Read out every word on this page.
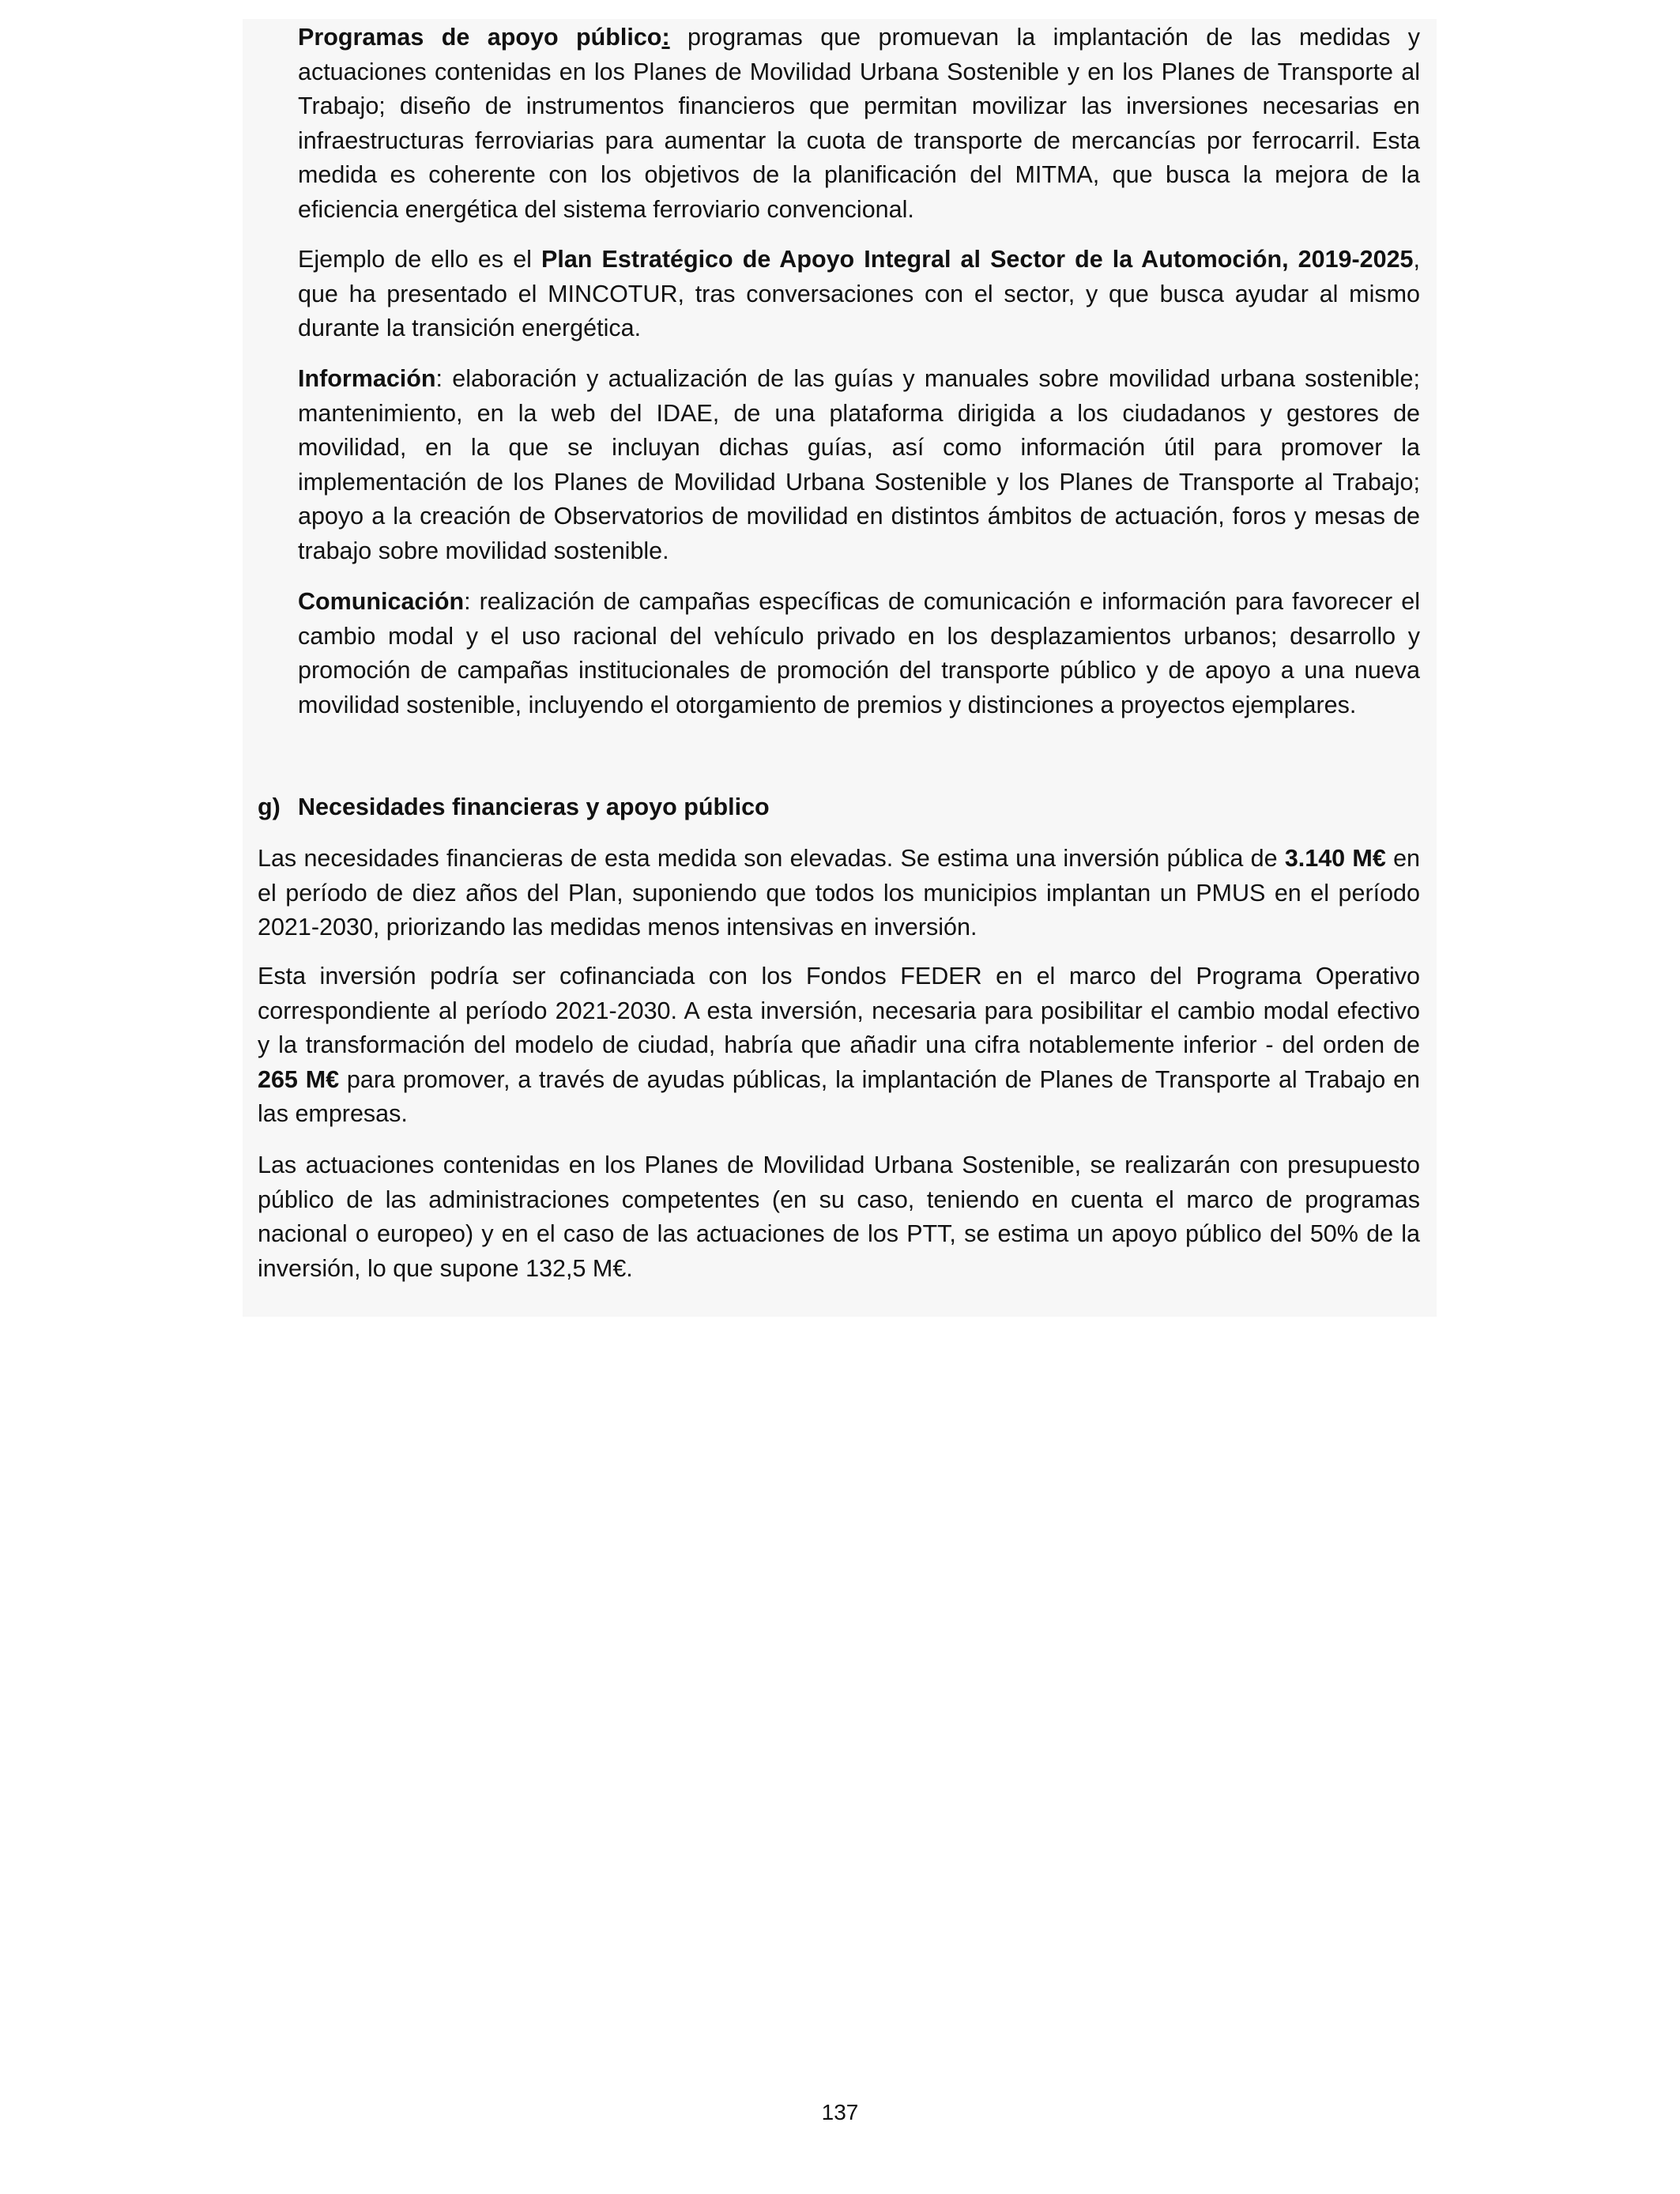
Programas de apoyo público: programas que promuevan la implantación de las medidas y actuaciones contenidas en los Planes de Movilidad Urbana Sostenible y en los Planes de Transporte al Trabajo; diseño de instrumentos financieros que permitan movilizar las inversiones necesarias en infraestructuras ferroviarias para aumentar la cuota de transporte de mercancías por ferrocarril. Esta medida es coherente con los objetivos de la planificación del MITMA, que busca la mejora de la eficiencia energética del sistema ferroviario convencional.

Ejemplo de ello es el Plan Estratégico de Apoyo Integral al Sector de la Automoción, 2019-2025, que ha presentado el MINCOTUR, tras conversaciones con el sector, y que busca ayudar al mismo durante la transición energética.

Información: elaboración y actualización de las guías y manuales sobre movilidad urbana sostenible; mantenimiento, en la web del IDAE, de una plataforma dirigida a los ciudadanos y gestores de movilidad, en la que se incluyan dichas guías, así como información útil para promover la implementación de los Planes de Movilidad Urbana Sostenible y los Planes de Transporte al Trabajo; apoyo a la creación de Observatorios de movilidad en distintos ámbitos de actuación, foros y mesas de trabajo sobre movilidad sostenible.

Comunicación: realización de campañas específicas de comunicación e información para favorecer el cambio modal y el uso racional del vehículo privado en los desplazamientos urbanos; desarrollo y promoción de campañas institucionales de promoción del transporte público y de apoyo a una nueva movilidad sostenible, incluyendo el otorgamiento de premios y distinciones a proyectos ejemplares.

g) Necesidades financieras y apoyo público

Las necesidades financieras de esta medida son elevadas. Se estima una inversión pública de 3.140 M€ en el período de diez años del Plan, suponiendo que todos los municipios implantan un PMUS en el período 2021-2030, priorizando las medidas menos intensivas en inversión.

Esta inversión podría ser cofinanciada con los Fondos FEDER en el marco del Programa Operativo correspondiente al período 2021-2030. A esta inversión, necesaria para posibilitar el cambio modal efectivo y la transformación del modelo de ciudad, habría que añadir una cifra notablemente inferior - del orden de 265 M€ para promover, a través de ayudas públicas, la implantación de Planes de Transporte al Trabajo en las empresas.

Las actuaciones contenidas en los Planes de Movilidad Urbana Sostenible, se realizarán con presupuesto público de las administraciones competentes (en su caso, teniendo en cuenta el marco de programas nacional o europeo) y en el caso de las actuaciones de los PTT, se estima un apoyo público del 50% de la inversión, lo que supone 132,5 M€.

137
